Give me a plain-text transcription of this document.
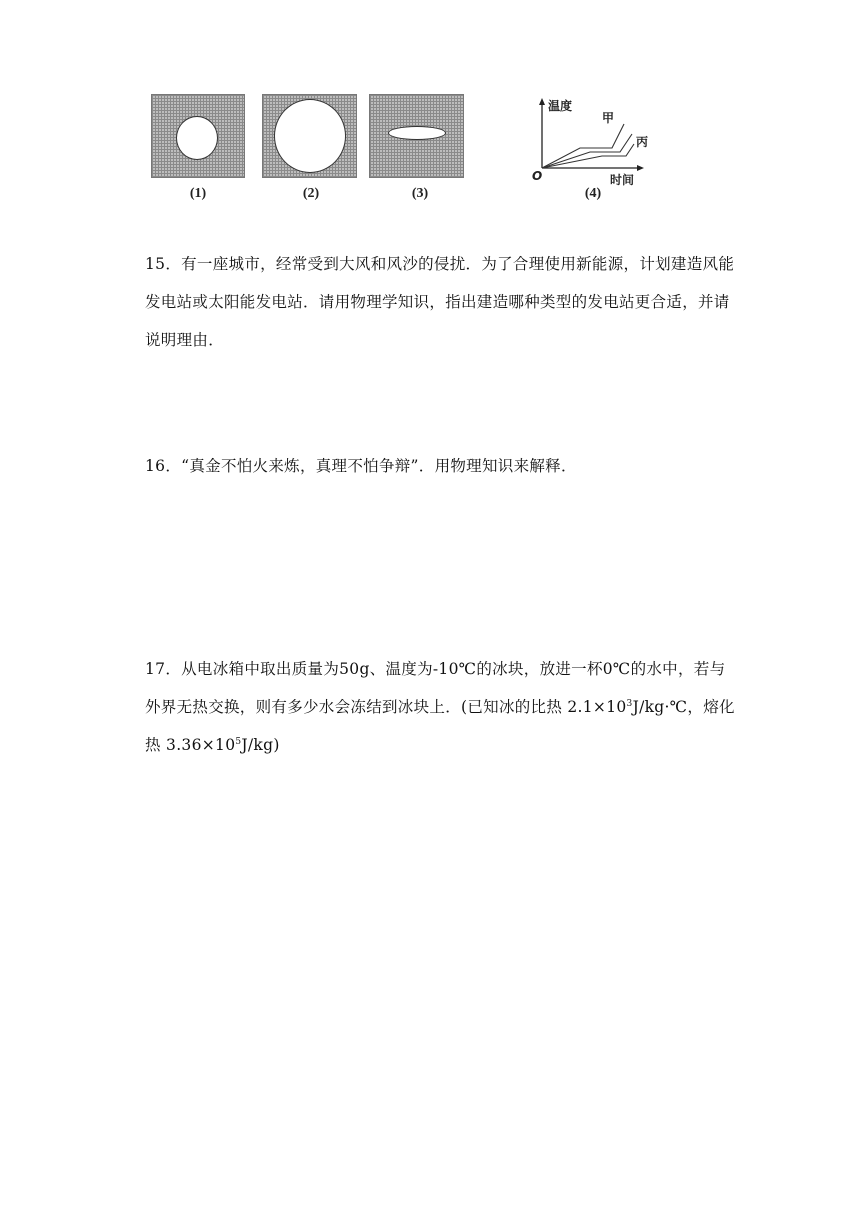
(1)	(2)	(3)
温度
甲
丙
O	时间
(4)

15．有一座城市，经常受到大风和风沙的侵扰．为了合理使用新能源，计划建造风能发电站或太阳能发电站．请用物理学知识，指出建造哪种类型的发电站更合适，并请说明理由．

16．“真金不怕火来炼，真理不怕争辩”．用物理知识来解释．

17．从电冰箱中取出质量为50g、温度为-10℃的冰块，放进一杯0℃的水中，若与外界无热交换，则有多少水会冻结到冰块上．(已知冰的比热 $2.1\times 10^3J/kg\cdot℃$，熔化热 $3.36\times 10^5J/kg$)
